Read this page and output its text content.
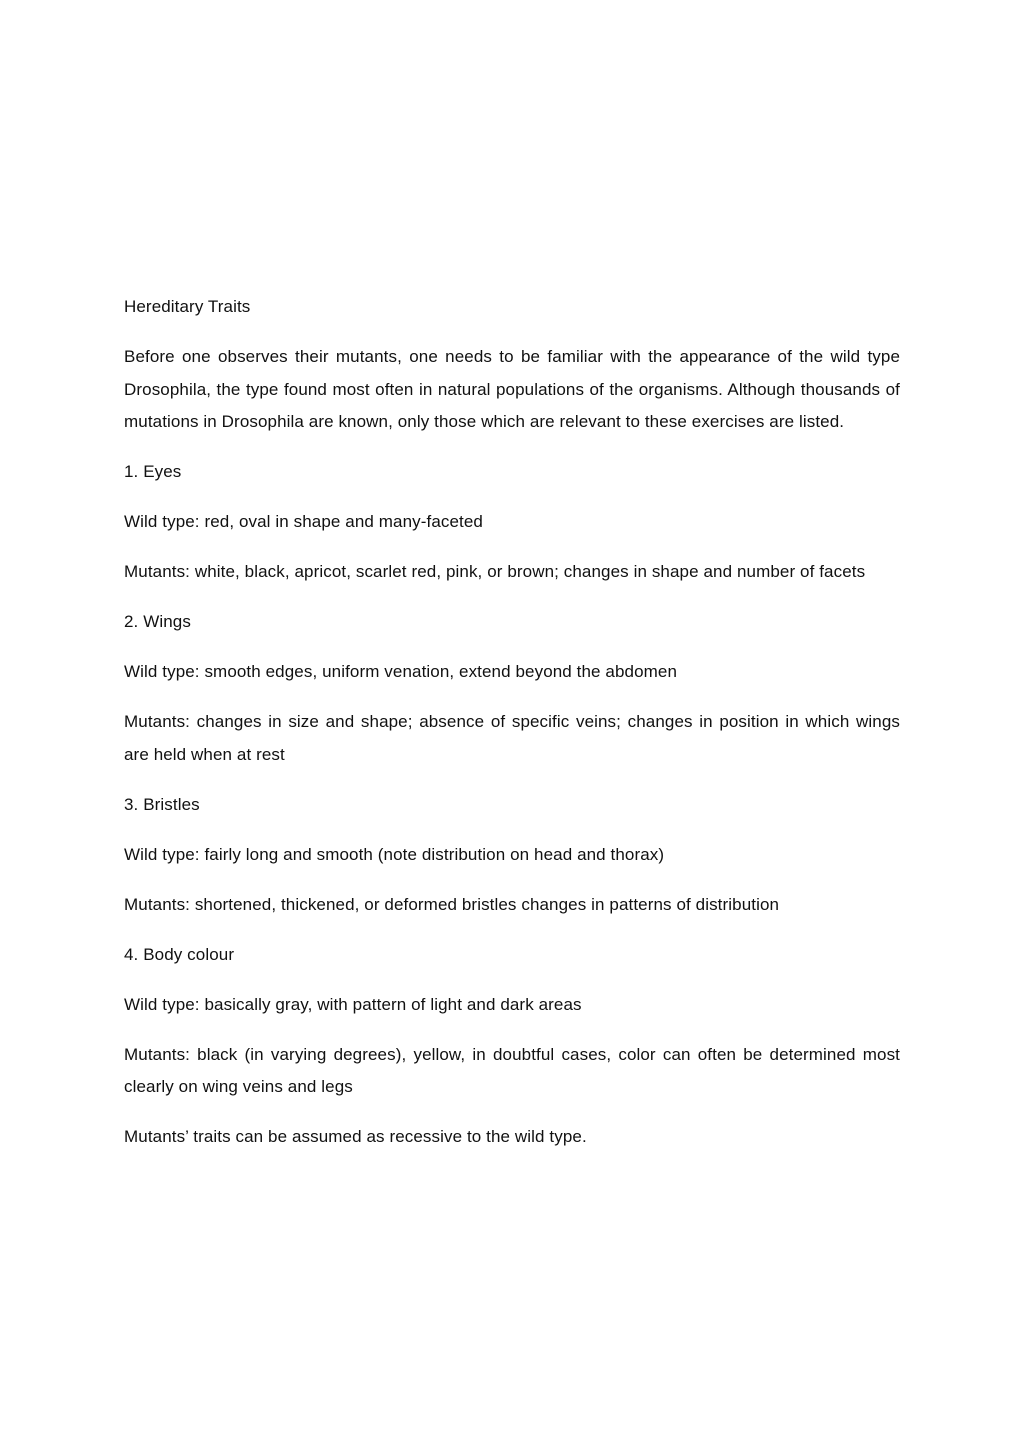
Hereditary Traits

Before one observes their mutants, one needs to be familiar with the appearance of the wild type Drosophila, the type found most often in natural populations of the organisms. Although thousands of mutations in Drosophila are known, only those which are relevant to these exercises are listed.

1. Eyes

Wild type: red, oval in shape and many-faceted

Mutants: white, black, apricot, scarlet red, pink, or brown; changes in shape and number of facets

2. Wings

Wild type: smooth edges, uniform venation, extend beyond the abdomen

Mutants: changes in size and shape; absence of specific veins; changes in position in which wings are held when at rest

3. Bristles

Wild type: fairly long and smooth (note distribution on head and thorax)

Mutants: shortened, thickened, or deformed bristles changes in patterns of distribution

4. Body colour

Wild type: basically gray, with pattern of light and dark areas

Mutants: black (in varying degrees), yellow, in doubtful cases, color can often be determined most clearly on wing veins and legs

Mutants’ traits can be assumed as recessive to the wild type.
